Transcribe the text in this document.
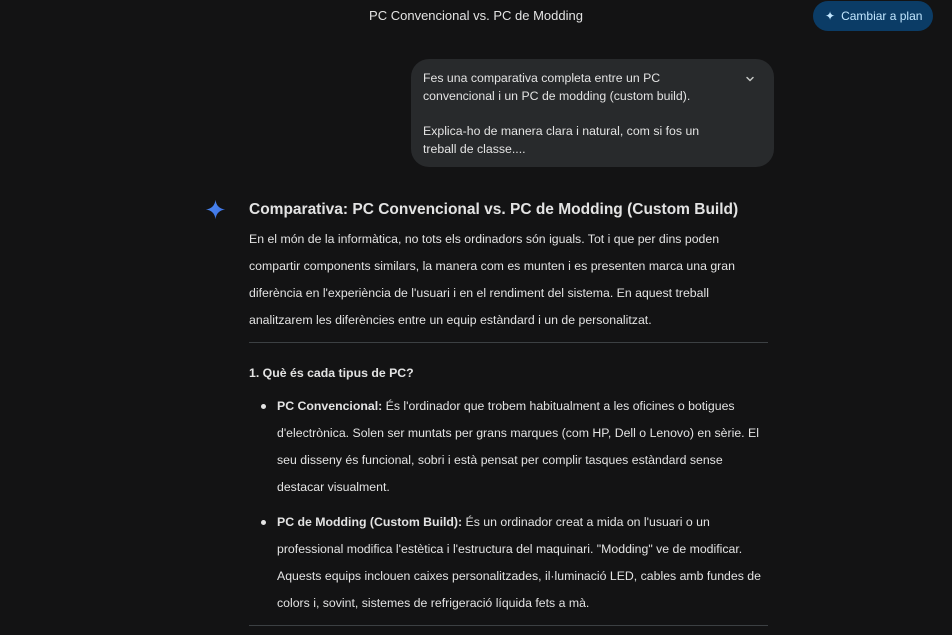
PC Convencional vs. PC de Modding	✦ Cambiar a plan

Fes una comparativa completa entre un PC convencional i un PC de modding (custom build).

Explica-ho de manera clara i natural, com si fos un treball de classe....

Comparativa: PC Convencional vs. PC de Modding (Custom Build)
En el món de la informàtica, no tots els ordinadors són iguals. Tot i que per dins poden compartir components similars, la manera com es munten i es presenten marca una gran diferència en l'experiència de l'usuari i en el rendiment del sistema. En aquest treball analitzarem les diferències entre un equip estàndard i un de personalitzat.
1. Què és cada tipus de PC?
PC Convencional: És l'ordinador que trobem habitualment a les oficines o botigues d'electrònica. Solen ser muntats per grans marques (com HP, Dell o Lenovo) en sèrie. El seu disseny és funcional, sobri i està pensat per complir tasques estàndard sense destacar visualment.
PC de Modding (Custom Build): És un ordinador creat a mida on l'usuari o un professional modifica l'estètica i l'estructura del maquinari. "Modding" ve de modificar. Aquests equips inclouen caixes personalitzades, il·luminació LED, cables amb fundes de colors i, sovint, sistemes de refrigeració líquida fets a mà.
